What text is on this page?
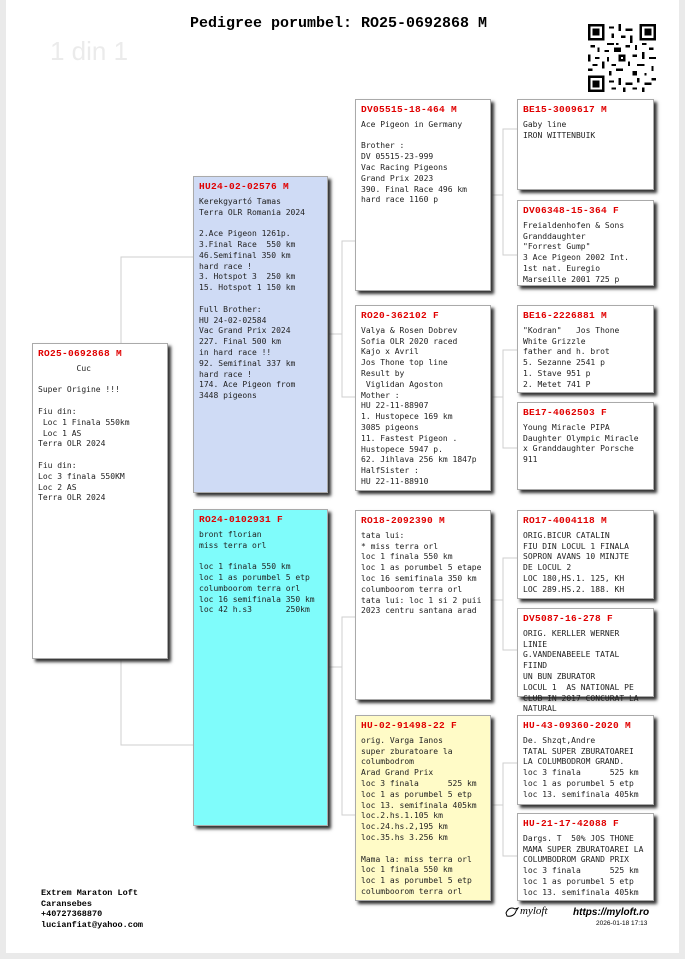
1 din 1
Pedigree porumbel: RO25-0692868 M
RO25-0692868 M
Cuc

Super Origine !!!

Fiu din:
Loc 1 Finala 550km
Loc 1 AS
Terra OLR 2024

Fiu din:
Loc 3 finala 550KM
Loc 2 AS
Terra OLR 2024
HU24-02-02576 M
Kerekgyartó Tamas
Terra OLR Romania 2024

2.Ace Pigeon 1261p.
3.Final Race  550 km
46.Semifinal 350 km
hard race !
3. Hotspot 3  250 km
15. Hotspot 1 150 km

Full Brother:
HU 24-02-02584
Vac Grand Prix 2024
227. Final 500 km
in hard race !!
92. Semifinal 337 km
hard race !
174. Ace Pigeon from
3448 pigeons
RO24-0102931 F
bront florian
miss terra orl

loc 1 finala 550 km
loc 1 as porumbel 5 etp
columboorom terra orl
loc 16 semifinala 350 km
loc 42 h.s3       250km
DV05515-18-464 M
Ace Pigeon in Germany

Brother :
DV 05515-23-999
Vac Racing Pigeons
Grand Prix 2023
390. Final Race 496 km
hard race 1160 p
RO20-362102 F
Valya & Rosen Dobrev
Sofia OLR 2020 raced
Kajo x Avril
Jos Thone top line
Result by
Viglidan Agoston
Mother :
HU 22-11-88907
1. Hustopece 169 km
3085 pigeons
11. Fastest Pigeon .
Hustopece 5947 p.
62. Jihlava 256 km 1847p
HalfSister :
HU 22-11-88910
RO18-2092390 M
tata lui:
* miss terra orl
loc 1 finala 550 km
loc 1 as porumbel 5 etape
loc 16 semifinala 350 km
columboorom terra orl
tata lui: loc 1 si 2 puii
2023 centru santana arad
HU-02-91498-22 F
orig. Varga Ianos
super zburatoare la
columbodrom
Arad Grand Prix
loc 3 finala      525 km
loc 1 as porumbel 5 etp
loc 13. semifinala 405km
loc.2.hs.1.105 km
loc.24.hs.2,195 km
loc.35.hs 3.256 km

Mama la: miss terra orl
loc 1 finala 550 km
loc 1 as porumbel 5 etp
columboorom terra orl
BE15-3009617 M
Gaby line
IRON WITTENBUIK
DV06348-15-364 F
Freialdenhofen & Sons
Granddaughter
"Forrest Gump"
3 Ace Pigeon 2002 Int.
1st nat. Euregio
Marseille 2001 725 p
BE16-2226881 M
"Kodran"   Jos Thone
White Grizzle
father and h. brot
5. Sezanne 2541 p
1. Stave 951 p
2. Metet 741 P
BE17-4062503 F
Young Miracle PIPA
Daughter Olympic Miracle
x Granddaughter Porsche
911
RO17-4004118 M
ORIG.BICUR CATALIN
FIU DIN LOCUL 1 FINALA
SOPRON AVANS 10 MINJTE
DE LOCUL 2
LOC 180,HS.1. 125, KH
LOC 289.HS.2. 188. KH
DV5087-16-278 F
ORIG. KERLLER WERNER LINIE
G.VANDENABEELE TATAL FIIND
UN BUN ZBURATOR
LOCUL 1  AS NATIONAL PE
CLUB IN 2017 CONCURAT LA
NATURAL
HU-43-09360-2020 M
De. Shzqt,Andre
TATAL SUPER ZBURATOAREI
LA COLUMBODROM GRAND.
loc 3 finala      525 km
loc 1 as porumbel 5 etp
loc 13. semifinala 405km
HU-21-17-42088 F
Dargs. T  50% JOS THONE
MAMA SUPER ZBURATOAREI LA
COLUMBODROM GRAND PRIX
loc 3 finala      525 km
loc 1 as porumbel 5 etp
loc 13. semifinala 405km
Extrem Maraton Loft
Caransebes
+40727368870
lucianfiat@yahoo.com
myloft	https://myloft.ro
2026-01-18 17:13
